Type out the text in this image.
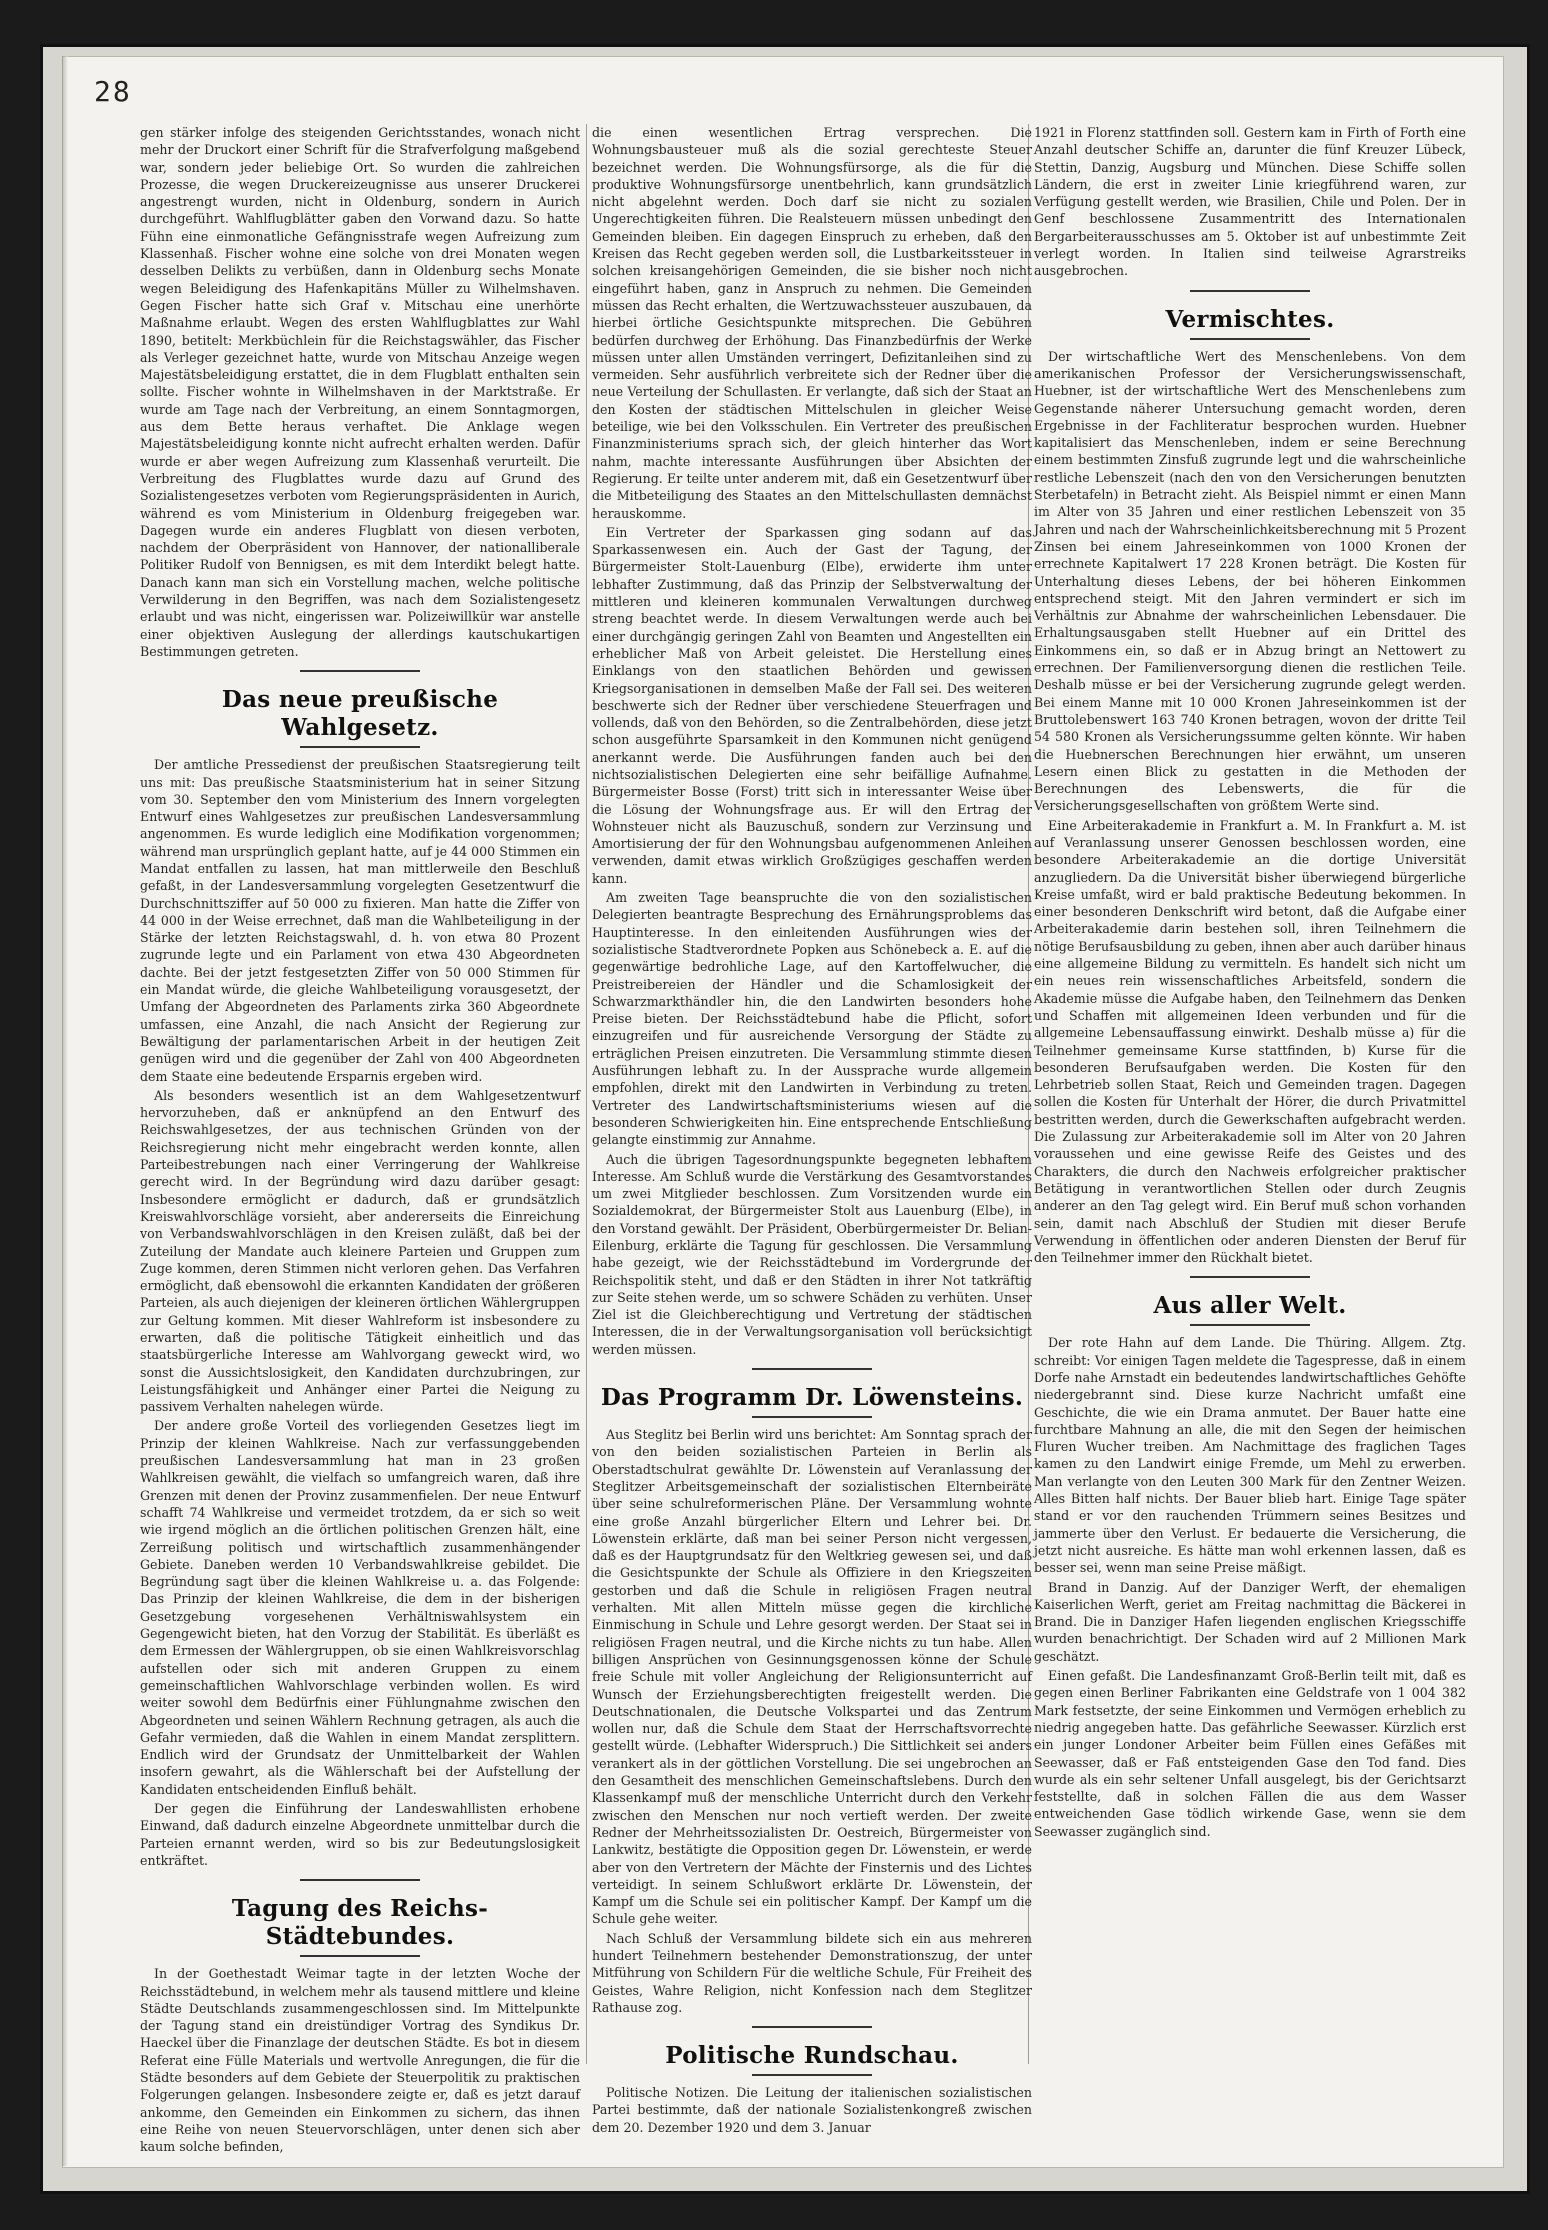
28

gen stärker infolge des steigenden Gerichtsstandes, wonach nicht mehr der Druckort einer Schrift für die Strafverfolgung maßgebend war, sondern jeder beliebige Ort. So wurden die zahlreichen Prozesse, die wegen Druckereizeugnisse aus unserer Druckerei angestrengt wurden, nicht in Oldenburg, sondern in Aurich durchgeführt. Wahlflugblätter gaben den Vorwand dazu. So hatte Fühn eine einmonatliche Gefängnisstrafe wegen Aufreizung zum Klassenhaß. Fischer wohne eine solche von drei Monaten wegen desselben Delikts zu verbüßen, dann in Oldenburg sechs Monate wegen Beleidigung des Hafenkapitäns Müller zu Wilhelmshaven. Gegen Fischer hatte sich Graf v. Mitschau eine unerhörte Maßnahme erlaubt. Wegen des ersten Wahlflugblattes zur Wahl 1890, betitelt: Merkbüchlein für die Reichstagswähler, das Fischer als Verleger gezeichnet hatte, wurde von Mitschau Anzeige wegen Majestätsbeleidigung erstattet, die in dem Flugblatt enthalten sein sollte. Fischer wohnte in Wilhelmshaven in der Marktstraße. Er wurde am Tage nach der Verbreitung, an einem Sonntagmorgen, aus dem Bette heraus verhaftet. Die Anklage wegen Majestätsbeleidigung konnte nicht aufrecht erhalten werden. Dafür wurde er aber wegen Aufreizung zum Klassenhaß verurteilt. Die Verbreitung des Flugblattes wurde dazu auf Grund des Sozialistengesetzes verboten vom Regierungspräsidenten in Aurich, während es vom Ministerium in Oldenburg freigegeben war. Dagegen wurde ein anderes Flugblatt von diesen verboten, nachdem der Oberpräsident von Hannover, der nationalliberale Politiker Rudolf von Bennigsen, es mit dem Interdikt belegt hatte. Danach kann man sich ein Vorstellung machen, welche politische Verwilderung in den Begriffen, was nach dem Sozialistengesetz erlaubt und was nicht, eingerissen war. Polizeiwillkür war anstelle einer objektiven Auslegung der allerdings kautschukartigen Bestimmungen getreten.

Das neue preußische Wahlgesetz.

Der amtliche Pressedienst der preußischen Staatsregierung teilt uns mit: Das preußische Staatsministerium hat in seiner Sitzung vom 30. September den vom Ministerium des Innern vorgelegten Entwurf eines Wahlgesetzes zur preußischen Landesversammlung angenommen. Es wurde lediglich eine Modifikation vorgenommen; während man ursprünglich geplant hatte, auf je 44 000 Stimmen ein Mandat entfallen zu lassen, hat man mittlerweile den Beschluß gefaßt, in der Landesversammlung vorgelegten Gesetzentwurf die Durchschnittsziffer auf 50 000 zu fixieren. Man hatte die Ziffer von 44 000 in der Weise errechnet, daß man die Wahlbeteiligung in der Stärke der letzten Reichstagswahl, d. h. von etwa 80 Prozent zugrunde legte und ein Parlament von etwa 430 Abgeordneten dachte. Bei der jetzt festgesetzten Ziffer von 50 000 Stimmen für ein Mandat würde, die gleiche Wahlbeteiligung vorausgesetzt, der Umfang der Abgeordneten des Parlaments zirka 360 Abgeordnete umfassen, eine Anzahl, die nach Ansicht der Regierung zur Bewältigung der parlamentarischen Arbeit in der heutigen Zeit genügen wird und die gegenüber der Zahl von 400 Abgeordneten dem Staate eine bedeutende Ersparnis ergeben wird.

Als besonders wesentlich ist an dem Wahlgesetzentwurf hervorzuheben, daß er anknüpfend an den Entwurf des Reichswahlgesetzes, der aus technischen Gründen von der Reichsregierung nicht mehr eingebracht werden konnte, allen Parteibestrebungen nach einer Verringerung der Wahlkreise gerecht wird. In der Begründung wird dazu darüber gesagt: Insbesondere ermöglicht er dadurch, daß er grundsätzlich Kreiswahlvorschläge vorsieht, aber andererseits die Einreichung von Verbandswahlvorschlägen in den Kreisen zuläßt, daß bei der Zuteilung der Mandate auch kleinere Parteien und Gruppen zum Zuge kommen, deren Stimmen nicht verloren gehen. Das Verfahren ermöglicht, daß ebensowohl die erkannten Kandidaten der größeren Parteien, als auch diejenigen der kleineren örtlichen Wählergruppen zur Geltung kommen. Mit dieser Wahlreform ist insbesondere zu erwarten, daß die politische Tätigkeit einheitlich und das staatsbürgerliche Interesse am Wahlvorgang geweckt wird, wo sonst die Aussichtslosigkeit, den Kandidaten durchzubringen, zur Leistungsfähigkeit und Anhänger einer Partei die Neigung zu passivem Verhalten nahelegen würde.

Der andere große Vorteil des vorliegenden Gesetzes liegt im Prinzip der kleinen Wahlkreise. Nach zur verfassunggebenden preußischen Landesversammlung hat man in 23 großen Wahlkreisen gewählt, die vielfach so umfangreich waren, daß ihre Grenzen mit denen der Provinz zusammenfielen. Der neue Entwurf schafft 74 Wahlkreise und vermeidet trotzdem, da er sich so weit wie irgend möglich an die örtlichen politischen Grenzen hält, eine Zerreißung politisch und wirtschaftlich zusammenhängender Gebiete. Daneben werden 10 Verbandswahlkreise gebildet. Die Begründung sagt über die kleinen Wahlkreise u. a. das Folgende: Das Prinzip der kleinen Wahlkreise, die dem in der bisherigen Gesetzgebung vorgesehenen Verhältniswahlsystem ein Gegengewicht bieten, hat den Vorzug der Stabilität. Es überläßt es dem Ermessen der Wählergruppen, ob sie einen Wahlkreisvorschlag aufstellen oder sich mit anderen Gruppen zu einem gemeinschaftlichen Wahlvorschlage verbinden wollen. Es wird weiter sowohl dem Bedürfnis einer Fühlungnahme zwischen den Abgeordneten und seinen Wählern Rechnung getragen, als auch die Gefahr vermieden, daß die Wahlen in einem Mandat zersplittern. Endlich wird der Grundsatz der Unmittelbarkeit der Wahlen insofern gewahrt, als die Wählerschaft bei der Aufstellung der Kandidaten entscheidenden Einfluß behält.

Der gegen die Einführung der Landeswahllisten erhobene Einwand, daß dadurch einzelne Abgeordnete unmittelbar durch die Parteien ernannt werden, wird so bis zur Bedeutungslosigkeit entkräftet.

Tagung des Reichs-Städtebundes.

In der Goethestadt Weimar tagte in der letzten Woche der Reichsstädtebund, in welchem mehr als tausend mittlere und kleine Städte Deutschlands zusammengeschlossen sind. Im Mittelpunkte der Tagung stand ein dreistündiger Vortrag des Syndikus Dr. Haeckel über die Finanzlage der deutschen Städte. Es bot in diesem Referat eine Fülle Materials und wertvolle Anregungen, die für die Städte besonders auf dem Gebiete der Steuerpolitik zu praktischen Folgerungen gelangen. Insbesondere zeigte er, daß es jetzt darauf ankomme, den Gemeinden ein Einkommen zu sichern, das ihnen eine Reihe von neuen Steuervorschlägen, unter denen sich aber kaum solche befinden,

die einen wesentlichen Ertrag versprechen. Die Wohnungsbausteuer muß als die sozial gerechteste Steuer bezeichnet werden. Die Wohnungsfürsorge, als die für die produktive Wohnungsfürsorge unentbehrlich, kann grundsätzlich nicht abgelehnt werden. Doch darf sie nicht zu sozialen Ungerechtigkeiten führen. Die Realsteuern müssen unbedingt den Gemeinden bleiben. Ein dagegen Einspruch zu erheben, daß den Kreisen das Recht gegeben werden soll, die Lustbarkeitssteuer in solchen kreisangehörigen Gemeinden, die sie bisher noch nicht eingeführt haben, ganz in Anspruch zu nehmen. Die Gemeinden müssen das Recht erhalten, die Wertzuwachssteuer auszubauen, da hierbei örtliche Gesichtspunkte mitsprechen. Die Gebühren bedürfen durchweg der Erhöhung. Das Finanzbedürfnis der Werke müssen unter allen Umständen verringert, Defizitanleihen sind zu vermeiden. Sehr ausführlich verbreitete sich der Redner über die neue Verteilung der Schullasten. Er verlangte, daß sich der Staat an den Kosten der städtischen Mittelschulen in gleicher Weise beteilige, wie bei den Volksschulen. Ein Vertreter des preußischen Finanzministeriums sprach sich, der gleich hinterher das Wort nahm, machte interessante Ausführungen über Absichten der Regierung. Er teilte unter anderem mit, daß ein Gesetzentwurf über die Mitbeteiligung des Staates an den Mittelschullasten demnächst herauskomme.

Ein Vertreter der Sparkassen ging sodann auf das Sparkassenwesen ein. Auch der Gast der Tagung, der Bürgermeister Stolt-Lauenburg (Elbe), erwiderte ihm unter lebhafter Zustimmung, daß das Prinzip der Selbstverwaltung der mittleren und kleineren kommunalen Verwaltungen durchweg streng beachtet werde. In diesem Verwaltungen werde auch bei einer durchgängig geringen Zahl von Beamten und Angestellten ein erheblicher Maß von Arbeit geleistet. Die Herstellung eines Einklangs von den staatlichen Behörden und gewissen Kriegsorganisationen in demselben Maße der Fall sei. Des weiteren beschwerte sich der Redner über verschiedene Steuerfragen und vollends, daß von den Behörden, so die Zentralbehörden, diese jetzt schon ausgeführte Sparsamkeit in den Kommunen nicht genügend anerkannt werde. Die Ausführungen fanden auch bei den nichtsozialistischen Delegierten eine sehr beifällige Aufnahme. Bürgermeister Bosse (Forst) tritt sich in interessanter Weise über die Lösung der Wohnungsfrage aus. Er will den Ertrag der Wohnsteuer nicht als Bauzuschuß, sondern zur Verzinsung und Amortisierung der für den Wohnungsbau aufgenommenen Anleihen verwenden, damit etwas wirklich Großzügiges geschaffen werden kann.

Am zweiten Tage beanspruchte die von den sozialistischen Delegierten beantragte Besprechung des Ernährungsproblems das Hauptinteresse. In den einleitenden Ausführungen wies der sozialistische Stadtverordnete Popken aus Schönebeck a. E. auf die gegenwärtige bedrohliche Lage, auf den Kartoffelwucher, die Preistreibereien der Händler und die Schamlosigkeit der Schwarzmarkthändler hin, die den Landwirten besonders hohe Preise bieten. Der Reichsstädtebund habe die Pflicht, sofort einzugreifen und für ausreichende Versorgung der Städte zu erträglichen Preisen einzutreten. Die Versammlung stimmte diesen Ausführungen lebhaft zu. In der Aussprache wurde allgemein empfohlen, direkt mit den Landwirten in Verbindung zu treten. Vertreter des Landwirtschaftsministeriums wiesen auf die besonderen Schwierigkeiten hin. Eine entsprechende Entschließung gelangte einstimmig zur Annahme.

Auch die übrigen Tagesordnungspunkte begegneten lebhaftem Interesse. Am Schluß wurde die Verstärkung des Gesamtvorstandes um zwei Mitglieder beschlossen. Zum Vorsitzenden wurde ein Sozialdemokrat, der Bürgermeister Stolt aus Lauenburg (Elbe), in den Vorstand gewählt. Der Präsident, Oberbürgermeister Dr. Belian-Eilenburg, erklärte die Tagung für geschlossen. Die Versammlung habe gezeigt, wie der Reichsstädtebund im Vordergrunde der Reichspolitik steht, und daß er den Städten in ihrer Not tatkräftig zur Seite stehen werde, um so schwere Schäden zu verhüten. Unser Ziel ist die Gleichberechtigung und Vertretung der städtischen Interessen, die in der Verwaltungsorganisation voll berücksichtigt werden müssen.

Das Programm Dr. Löwensteins.

Aus Steglitz bei Berlin wird uns berichtet: Am Sonntag sprach der von den beiden sozialistischen Parteien in Berlin als Oberstadtschulrat gewählte Dr. Löwenstein auf Veranlassung der Steglitzer Arbeitsgemeinschaft der sozialistischen Elternbeiräte über seine schulreformerischen Pläne. Der Versammlung wohnte eine große Anzahl bürgerlicher Eltern und Lehrer bei. Dr. Löwenstein erklärte, daß man bei seiner Person nicht vergessen, daß es der Hauptgrundsatz für den Weltkrieg gewesen sei, und daß die Gesichtspunkte der Schule als Offiziere in den Kriegszeiten gestorben und daß die Schule in religiösen Fragen neutral verhalten. Mit allen Mitteln müsse gegen die kirchliche Einmischung in Schule und Lehre gesorgt werden. Der Staat sei in religiösen Fragen neutral, und die Kirche nichts zu tun habe. Allen billigen Ansprüchen von Gesinnungsgenossen könne der Schule freie Schule mit voller Angleichung der Religionsunterricht auf Wunsch der Erziehungsberechtigten freigestellt werden. Die Deutschnationalen, die Deutsche Volkspartei und das Zentrum wollen nur, daß die Schule dem Staat der Herrschaftsvorrechte gestellt würde. (Lebhafter Widerspruch.) Die Sittlichkeit sei anders verankert als in der göttlichen Vorstellung. Die sei ungebrochen an den Gesamtheit des menschlichen Gemeinschaftslebens. Durch den Klassenkampf muß der menschliche Unterricht durch den Verkehr zwischen den Menschen nur noch vertieft werden. Der zweite Redner der Mehrheitssozialisten Dr. Oestreich, Bürgermeister von Lankwitz, bestätigte die Opposition gegen Dr. Löwenstein, er werde aber von den Vertretern der Mächte der Finsternis und des Lichtes verteidigt. In seinem Schlußwort erklärte Dr. Löwenstein, der Kampf um die Schule sei ein politischer Kampf. Der Kampf um die Schule gehe weiter.

Nach Schluß der Versammlung bildete sich ein aus mehreren hundert Teilnehmern bestehender Demonstrationszug, der unter Mitführung von Schildern Für die weltliche Schule, Für Freiheit des Geistes, Wahre Religion, nicht Konfession nach dem Steglitzer Rathause zog.

Politische Rundschau.

Politische Notizen. Die Leitung der italienischen sozialistischen Partei bestimmte, daß der nationale Sozialistenkongreß zwischen dem 20. Dezember 1920 und dem 3. Januar

1921 in Florenz stattfinden soll. Gestern kam in Firth of Forth eine Anzahl deutscher Schiffe an, darunter die fünf Kreuzer Lübeck, Stettin, Danzig, Augsburg und München. Diese Schiffe sollen Ländern, die erst in zweiter Linie kriegführend waren, zur Verfügung gestellt werden, wie Brasilien, Chile und Polen. Der in Genf beschlossene Zusammentritt des Internationalen Bergarbeiterausschusses am 5. Oktober ist auf unbestimmte Zeit verlegt worden. In Italien sind teilweise Agrarstreiks ausgebrochen.

Vermischtes.

Der wirtschaftliche Wert des Menschenlebens. Von dem amerikanischen Professor der Versicherungswissenschaft, Huebner, ist der wirtschaftliche Wert des Menschenlebens zum Gegenstande näherer Untersuchung gemacht worden, deren Ergebnisse in der Fachliteratur besprochen wurden. Huebner kapitalisiert das Menschenleben, indem er seine Berechnung einem bestimmten Zinsfuß zugrunde legt und die wahrscheinliche restliche Lebenszeit (nach den von den Versicherungen benutzten Sterbetafeln) in Betracht zieht. Als Beispiel nimmt er einen Mann im Alter von 35 Jahren und einer restlichen Lebenszeit von 35 Jahren und nach der Wahrscheinlichkeitsberechnung mit 5 Prozent Zinsen bei einem Jahreseinkommen von 1000 Kronen der errechnete Kapitalwert 17 228 Kronen beträgt. Die Kosten für Unterhaltung dieses Lebens, der bei höheren Einkommen entsprechend steigt. Mit den Jahren vermindert er sich im Verhältnis zur Abnahme der wahrscheinlichen Lebensdauer. Die Erhaltungsausgaben stellt Huebner auf ein Drittel des Einkommens ein, so daß er in Abzug bringt an Nettowert zu errechnen. Der Familienversorgung dienen die restlichen Teile. Deshalb müsse er bei der Versicherung zugrunde gelegt werden. Bei einem Manne mit 10 000 Kronen Jahreseinkommen ist der Bruttolebenswert 163 740 Kronen betragen, wovon der dritte Teil 54 580 Kronen als Versicherungssumme gelten könnte. Wir haben die Huebnerschen Berechnungen hier erwähnt, um unseren Lesern einen Blick zu gestatten in die Methoden der Berechnungen des Lebenswerts, die für die Versicherungsgesellschaften von größtem Werte sind.

Eine Arbeiterakademie in Frankfurt a. M. In Frankfurt a. M. ist auf Veranlassung unserer Genossen beschlossen worden, eine besondere Arbeiterakademie an die dortige Universität anzugliedern. Da die Universität bisher überwiegend bürgerliche Kreise umfaßt, wird er bald praktische Bedeutung bekommen. In einer besonderen Denkschrift wird betont, daß die Aufgabe einer Arbeiterakademie darin bestehen soll, ihren Teilnehmern die nötige Berufsausbildung zu geben, ihnen aber auch darüber hinaus eine allgemeine Bildung zu vermitteln. Es handelt sich nicht um ein neues rein wissenschaftliches Arbeitsfeld, sondern die Akademie müsse die Aufgabe haben, den Teilnehmern das Denken und Schaffen mit allgemeinen Ideen verbunden und für die allgemeine Lebensauffassung einwirkt. Deshalb müsse a) für die Teilnehmer gemeinsame Kurse stattfinden, b) Kurse für die besonderen Berufsaufgaben werden. Die Kosten für den Lehrbetrieb sollen Staat, Reich und Gemeinden tragen. Dagegen sollen die Kosten für Unterhalt der Hörer, die durch Privatmittel bestritten werden, durch die Gewerkschaften aufgebracht werden. Die Zulassung zur Arbeiterakademie soll im Alter von 20 Jahren voraussehen und eine gewisse Reife des Geistes und des Charakters, die durch den Nachweis erfolgreicher praktischer Betätigung in verantwortlichen Stellen oder durch Zeugnis anderer an den Tag gelegt wird. Ein Beruf muß schon vorhanden sein, damit nach Abschluß der Studien mit dieser Berufe Verwendung in öffentlichen oder anderen Diensten der Beruf für den Teilnehmer immer den Rückhalt bietet.

Aus aller Welt.

Der rote Hahn auf dem Lande. Die Thüring. Allgem. Ztg. schreibt: Vor einigen Tagen meldete die Tagespresse, daß in einem Dorfe nahe Arnstadt ein bedeutendes landwirtschaftliches Gehöfte niedergebrannt sind. Diese kurze Nachricht umfaßt eine Geschichte, die wie ein Drama anmutet. Der Bauer hatte eine furchtbare Mahnung an alle, die mit den Segen der heimischen Fluren Wucher treiben. Am Nachmittage des fraglichen Tages kamen zu den Landwirt einige Fremde, um Mehl zu erwerben. Man verlangte von den Leuten 300 Mark für den Zentner Weizen. Alles Bitten half nichts. Der Bauer blieb hart. Einige Tage später stand er vor den rauchenden Trümmern seines Besitzes und jammerte über den Verlust. Er bedauerte die Versicherung, die jetzt nicht ausreiche. Es hätte man wohl erkennen lassen, daß es besser sei, wenn man seine Preise mäßigt.

Brand in Danzig. Auf der Danziger Werft, der ehemaligen Kaiserlichen Werft, geriet am Freitag nachmittag die Bäckerei in Brand. Die in Danziger Hafen liegenden englischen Kriegsschiffe wurden benachrichtigt. Der Schaden wird auf 2 Millionen Mark geschätzt.

Einen gefaßt. Die Landesfinanzamt Groß-Berlin teilt mit, daß es gegen einen Berliner Fabrikanten eine Geldstrafe von 1 004 382 Mark festsetzte, der seine Einkommen und Vermögen erheblich zu niedrig angegeben hatte. Das gefährliche Seewasser. Kürzlich erst ein junger Londoner Arbeiter beim Füllen eines Gefäßes mit Seewasser, daß er Faß entsteigenden Gase den Tod fand. Dies wurde als ein sehr seltener Unfall ausgelegt, bis der Gerichtsarzt feststellte, daß in solchen Fällen die aus dem Wasser entweichenden Gase tödlich wirkende Gase, wenn sie dem Seewasser zugänglich sind.
